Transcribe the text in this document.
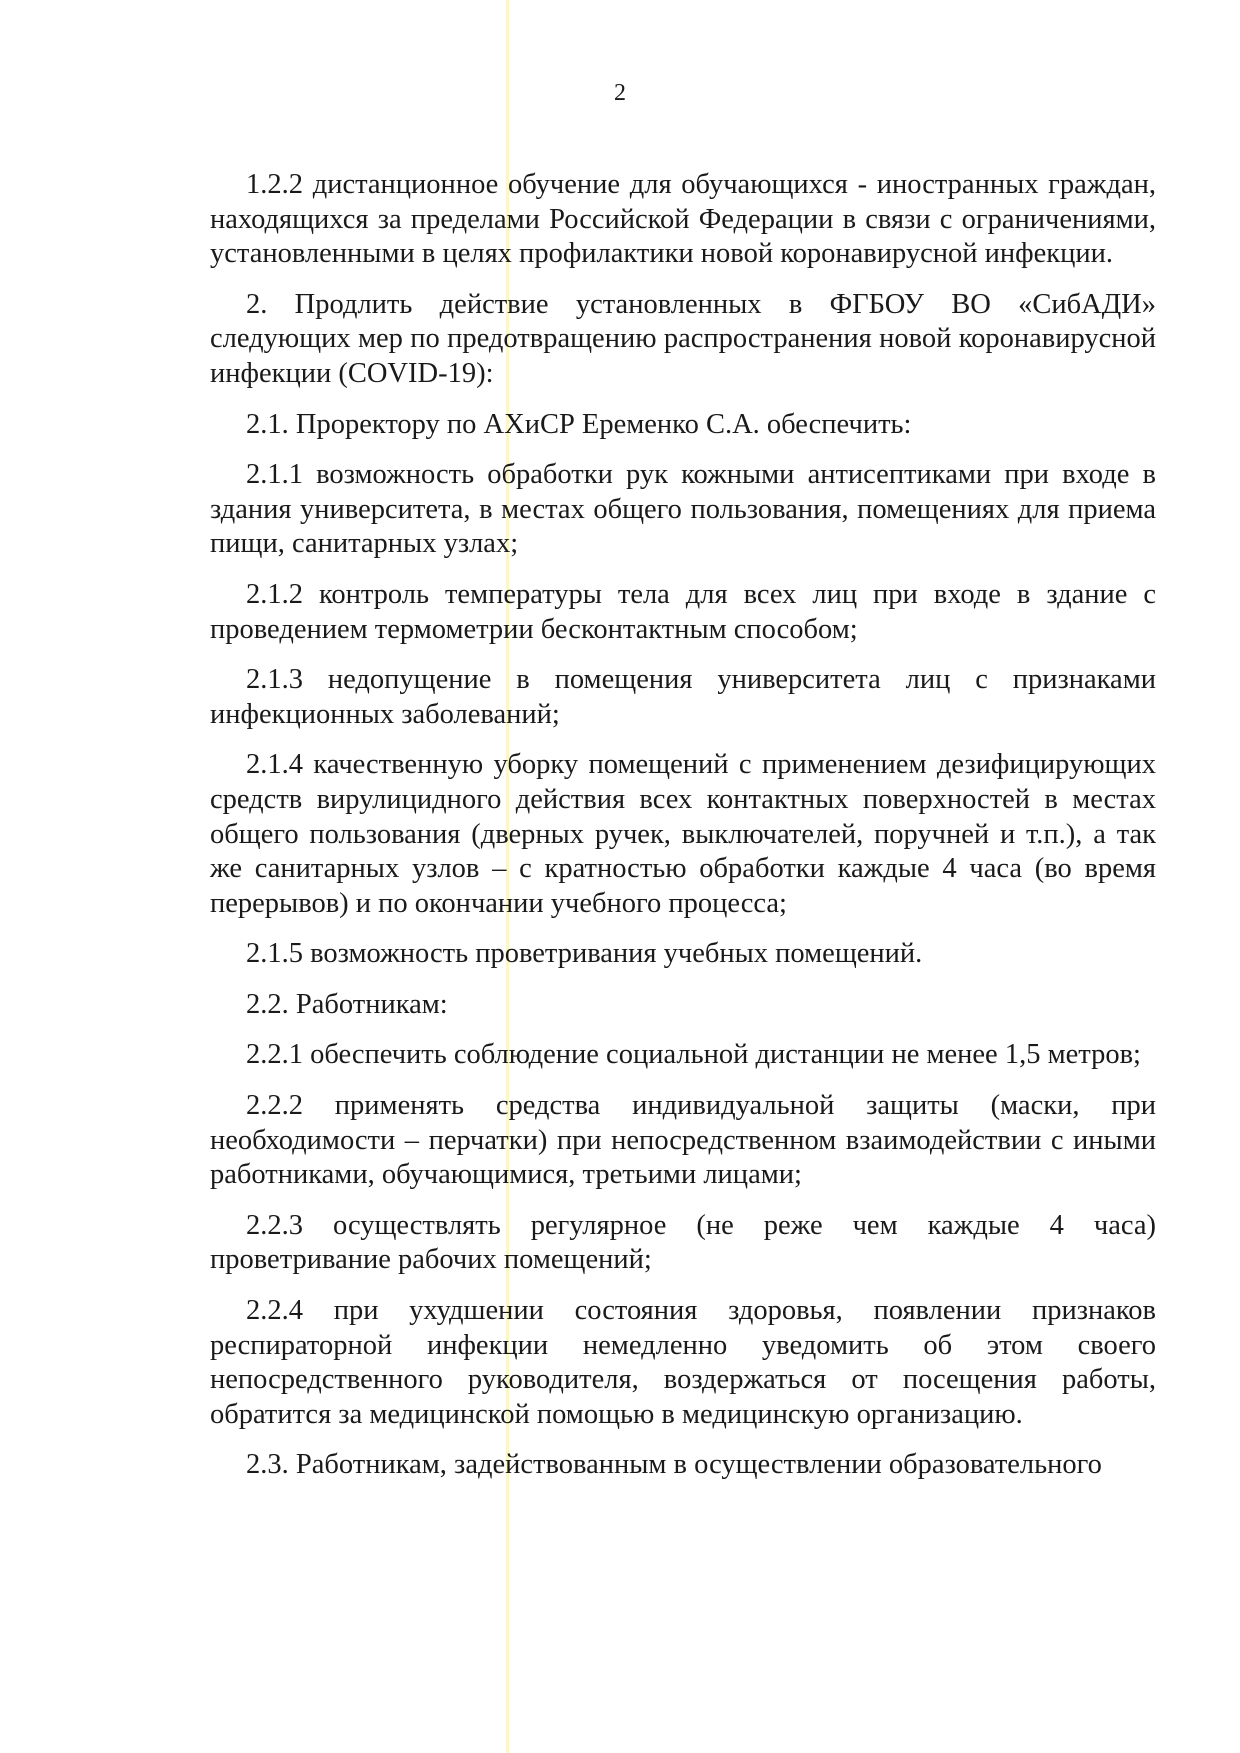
2

1.2.2 дистанционное обучение для обучающихся - иностранных граждан, находящихся за пределами Российской Федерации в связи с ограничениями, установленными в целях профилактики новой коронавирусной инфекции.

2. Продлить действие установленных в ФГБОУ ВО «СибАДИ» следующих мер по предотвращению распространения новой коронавирусной инфекции (COVID-19):

2.1. Проректору по АХиСР Еременко С.А. обеспечить:

2.1.1 возможность обработки рук кожными антисептиками при входе в здания университета, в местах общего пользования, помещениях для приема пищи, санитарных узлах;

2.1.2 контроль температуры тела для всех лиц при входе в здание с проведением термометрии бесконтактным способом;

2.1.3 недопущение в помещения университета лиц с признаками инфекционных заболеваний;

2.1.4 качественную уборку помещений с применением дезифицирующих средств вирулицидного действия всех контактных поверхностей в местах общего пользования (дверных ручек, выключателей, поручней и т.п.), а так же санитарных узлов – с кратностью обработки каждые 4 часа (во время перерывов) и по окончании учебного процесса;

2.1.5 возможность проветривания учебных помещений.

2.2. Работникам:

2.2.1 обеспечить соблюдение социальной дистанции не менее 1,5 метров;

2.2.2 применять средства индивидуальной защиты (маски, при необходимости – перчатки) при непосредственном взаимодействии с иными работниками, обучающимися, третьими лицами;

2.2.3 осуществлять регулярное (не реже чем каждые 4 часа) проветривание рабочих помещений;

2.2.4 при ухудшении состояния здоровья, появлении признаков респираторной инфекции немедленно уведомить об этом своего непосредственного руководителя, воздержаться от посещения работы, обратится за медицинской помощью в медицинскую организацию.

2.3. Работникам, задействованным в осуществлении образовательного
